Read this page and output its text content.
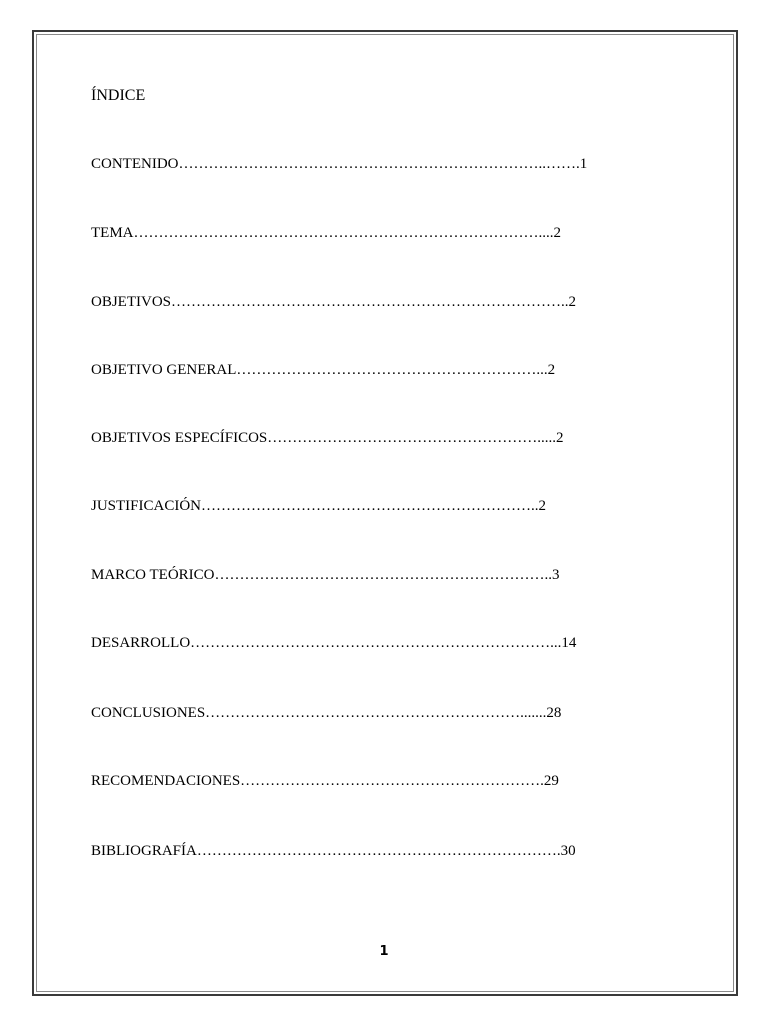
ÍNDICE
CONTENIDO………………………………………………………………..…….1
TEMA………………………………………………………………………....2
OBJETIVOS……………………………………………………………………..2
OBJETIVO GENERAL……………………………………………………...2
OBJETIVOS ESPECÍFICOS……………………………………………….....2
JUSTIFICACIÓN…………………………………………………………..2
MARCO TEÓRICO…………………………………………………………..3
DESARROLLO………………………………………………………………...14
CONCLUSIONES……………………………………………………….......28
RECOMENDACIONES…………………………………………………….29
BIBLIOGRAFÍA……………………………………………………………….30
1
